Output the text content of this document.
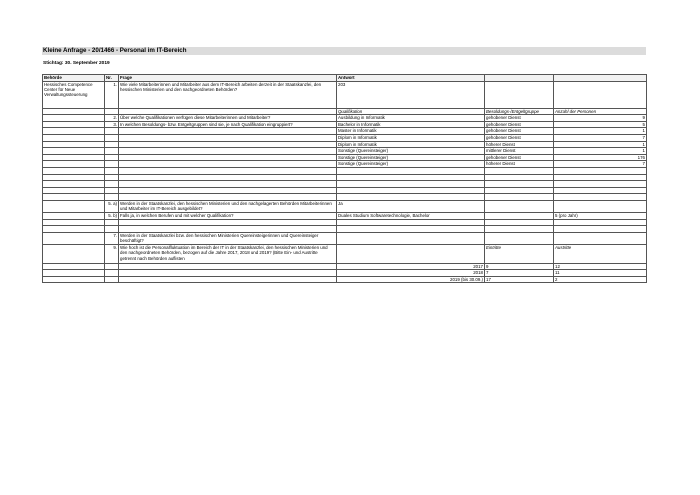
Kleine Anfrage - 20/1466 - Personal im IT-Bereich
Stichtag: 30. September 2019
Behörde	Nr.	Frage	Antwort		
Hessisches Competence Center für Neue Verwaltungssteuerung	1.	Wie viele Mitarbeiterinnen und Mitarbeiter aus dem IT-Bereich arbeiten derzeit in der Staatskanzlei, den hessischen Ministerien und den nachgeordneten Behörden?	203		
			Qualifikation	Besoldungs-/Entgeltgruppe	Anzahl der Personen
	2.	Über welche Qualifikationen verfügen diese Mitarbeiterinnen und Mitarbeiter?	Ausbildung in Informatik	gehobener Dienst	9
	3.	In welchen Besoldungs- bzw. Entgeltgruppen sind sie, je nach Qualifikation eingruppiert?	Bachelor in Informatik	gehobener Dienst	5
			Master in Informatik	gehobener Dienst	1
			Diplom in Informatik	gehobener Dienst	7
			Diplom in Informatik	höherer Dienst	1
			Sonstige (Quereinsteiger)	mittlerer Dienst	1
			Sonstige (Quereinsteiger)	gehobener Dienst	176
			Sonstige (Quereinsteiger)	höherer Dienst	7

	5. a)	Werden in der Staatskanzlei, den hessischen Ministerien und den nachgelagerten Behörden Mitarbeiterinnen und Mitarbeiter im IT-Bereich ausgebildet?	Ja		
	5. b)	Falls ja, in welchen Berufen und mit welcher Qualifikation?	Duales Studium Softwaretechnologie, Bachelor		5 (pro Jahr)

	7.	Werden in der Staatskanzlei bzw. den hessischen Ministerien Quereinsteigerinnen und Quereinsteiger beschäftigt?			
	9.	Wie hoch ist die Personalfluktuation im Bereich der IT in der Staatskanzlei, den hessischen Ministerien und den nachgeordneten Behörden, bezogen auf die Jahre 2017, 2018 und 2019? (Bitte Ein- und Austritte getrennt nach Behörden auflisten		Eintritte	Austritte
			2017	9	12
			2018	7	11
			2019 (bis 30.09.)	17	2
